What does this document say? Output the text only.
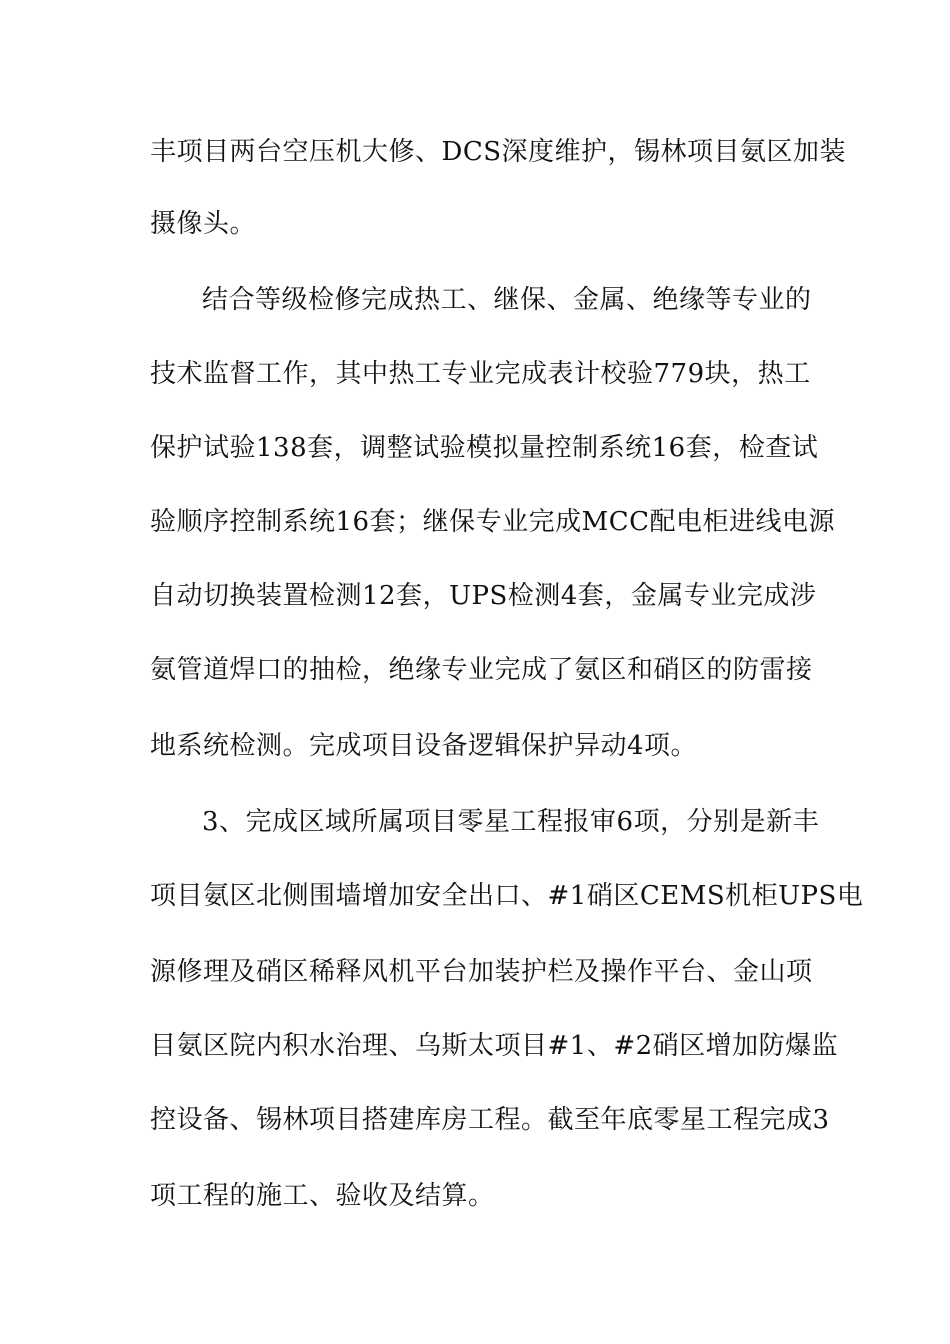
丰项目两台空压机大修、DCS深度维护，锡林项目氨区加装
摄像头。
结合等级检修完成热工、继保、金属、绝缘等专业的
技术监督工作，其中热工专业完成表计校验779块，热工
保护试验138套，调整试验模拟量控制系统16套，检查试
验顺序控制系统16套；继保专业完成MCC配电柜进线电源
自动切换装置检测12套，UPS检测4套，金属专业完成涉
氨管道焊口的抽检，绝缘专业完成了氨区和硝区的防雷接
地系统检测。完成项目设备逻辑保护异动4项。
3、完成区域所属项目零星工程报审6项，分别是新丰
项目氨区北侧围墙增加安全出口、#1硝区CEMS机柜UPS电
源修理及硝区稀释风机平台加装护栏及操作平台、金山项
目氨区院内积水治理、乌斯太项目#1、#2硝区增加防爆监
控设备、锡林项目搭建库房工程。截至年底零星工程完成3
项工程的施工、验收及结算。
